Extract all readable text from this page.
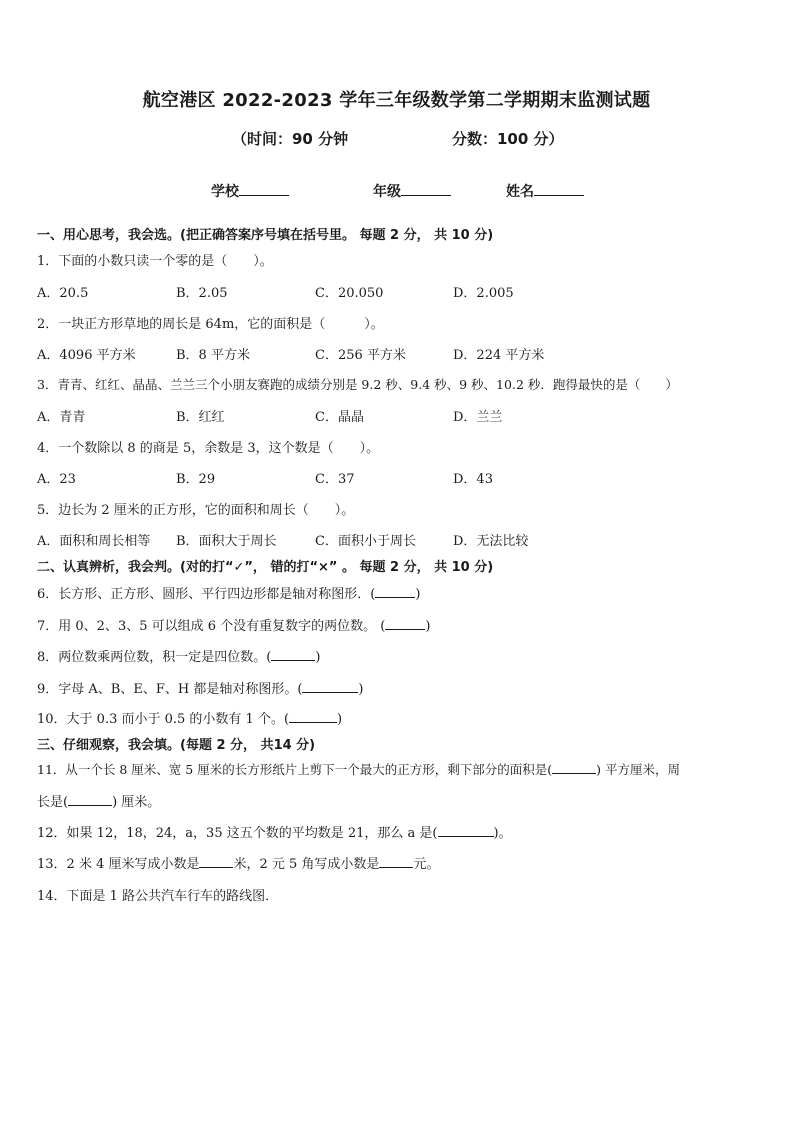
航空港区 2022-2023 学年三年级数学第二学期期末监测试题
（时间：90 分钟	分数：100 分）
学校	年级	姓名
一、用心思考，我会选。(把正确答案序号填在括号里。 每题 2 分， 共 10 分)
1．下面的小数只读一个零的是（　　）。
A．20.5	B．2.05	C．20.050	D．2.005
2．一块正方形草地的周长是 64m，它的面积是（　　　）。
A．4096 平方米	B．8 平方米	C．256 平方米	D．224 平方米
3．青青、红红、晶晶、兰兰三个小朋友赛跑的成绩分别是 9.2 秒、9.4 秒、9 秒、10.2 秒．跑得最快的是（　　）
A．青青	B．红红	C．晶晶	D．兰兰
4．一个数除以 8 的商是 5，余数是 3，这个数是（　　）。
A．23	B．29	C．37	D．43
5．边长为 2 厘米的正方形，它的面积和周长（　　）。
A．面积和周长相等 B．面积大于周长	C．面积小于周长	D．无法比较
二、认真辨析，我会判。(对的打“✓”， 错的打“×” 。 每题 2 分， 共 10 分)
6．长方形、正方形、圆形、平行四边形都是轴对称图形．(	)
7．用 0、2、3、5 可以组成 6 个没有重复数字的两位数。 (	)
8．两位数乘两位数，积一定是四位数。(	)
9．字母 A、B、E、F、H 都是轴对称图形。(	)
10．大于 0.3 而小于 0.5 的小数有 1 个。(	)
三、仔细观察，我会填。(每题 2 分， 共14 分)
11．从一个长 8 厘米、宽 5 厘米的长方形纸片上剪下一个最大的正方形，剩下部分的面积是(	) 平方厘米，周
长是(	) 厘米。
12．如果 12，18，24，a，35 这五个数的平均数是 21，那么 a 是(	)。
13．2 米 4 厘米写成小数是	米，2 元 5 角写成小数是	元。
14．下面是 1 路公共汽车行车的路线图．
